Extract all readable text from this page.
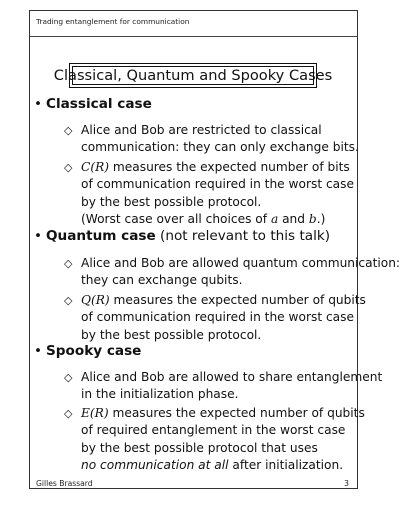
Trading entanglement for communication
Classical, Quantum and Spooky Cases
• Classical case
◇ Alice and Bob are restricted to classical
communication: they can only exchange bits.
◇ C(R) measures the expected number of bits
of communication required in the worst case
by the best possible protocol.
(Worst case over all choices of a and b.)
• Quantum case (not relevant to this talk)
◇ Alice and Bob are allowed quantum communication:
they can exchange qubits.
◇ Q(R) measures the expected number of qubits
of communication required in the worst case
by the best possible protocol.
• Spooky case
◇ Alice and Bob are allowed to share entanglement
in the initialization phase.
◇ E(R) measures the expected number of qubits
of required entanglement in the worst case
by the best possible protocol that uses
no communication at all after initialization.
Gilles Brassard	3
